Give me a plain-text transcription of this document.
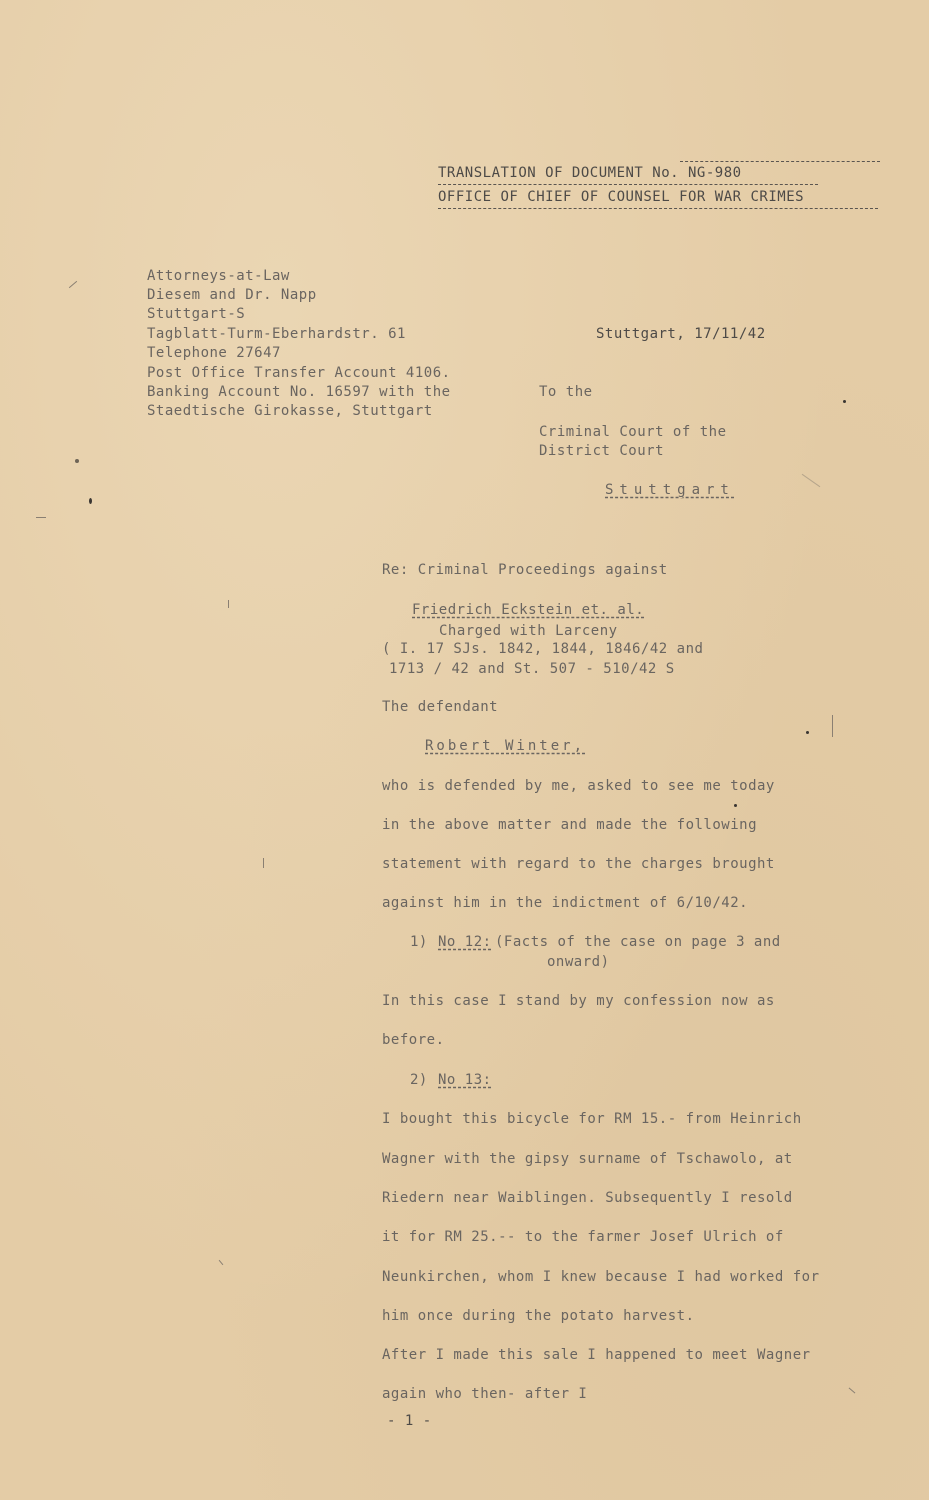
TRANSLATION OF DOCUMENT No. NG-980
OFFICE OF CHIEF OF COUNSEL FOR WAR CRIMES
Attorneys-at-Law
Diesem and Dr. Napp
Stuttgart-S
Tagblatt-Turm-Eberhardstr. 61
Telephone 27647
Post Office Transfer Account 4106.
Banking Account No. 16597 with the
Staedtische Girokasse, Stuttgart
Stuttgart, 17/11/42
To the
Criminal Court of the
District Court
Stuttgart
Re: Criminal Proceedings against
Friedrich Eckstein et. al.
Charged with Larceny
( I. 17 SJs. 1842, 1844, 1846/42 and
1713 / 42 and St. 507 - 510/42 S
The defendant
Robert Winter,
who is defended by me, asked to see me today
in the above matter and made the following
statement with regard to the charges brought
against him in the indictment of 6/10/42.
1) No 12: (Facts of the case on page 3 and
onward)
In this case I stand by my confession now as
before.
2) No 13:
I bought this bicycle for RM 15.- from Heinrich
Wagner with the gipsy surname of Tschawolo, at
Riedern near Waiblingen. Subsequently I resold
it for RM 25.-- to the farmer Josef Ulrich of
Neunkirchen, whom I knew because I had worked for
him once during the potato harvest.
After I made this sale I happened to meet Wagner
again who then- after I
- 1 -
